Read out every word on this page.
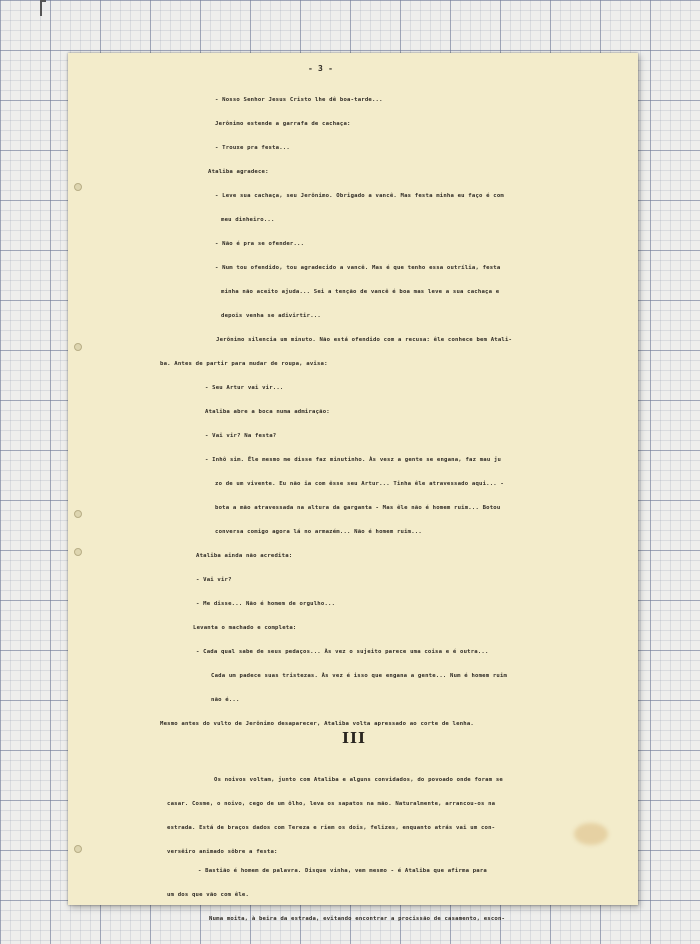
- 3 -

- Nosso Senhor Jesus Cristo lhe dê boa-tarde...

Jerônimo estende a garrafa de cachaça:

- Trouxe pra festa...

Ataliba agradece:

- Leve sua cachaça, seu Jerônimo. Obrigado a vancê. Mas festa minha eu faço é com

meu dinheiro...

- Não é pra se ofender...

- Num tou ofendido, tou agradecido a vancê. Mas é que tenho essa outrília, festa

minha não aceito ajuda... Sei a tenção de vancê é boa mas leve a sua cachaça e

depois venha se adivirtir...

Jerônimo silencia um minuto. Não está ofendido com a recusa: êle conhece bem Atali-

ba. Antes de partir para mudar de roupa, avisa:

- Seu Artur vai vir...

Ataliba abre a boca numa admiração:

- Vai vir? Na festa?

- Inhô sim. Êle mesmo me disse faz minutinho. Às vesz a gente se engana, faz mau ju

zo de um vivente. Eu não ia com êsse seu Artur... Tinha êle atravessado aqui... -

bota a mão atravessada na altura da garganta - Mas êle não é homem ruim... Botou

conversa comigo agora lá no armazém... Não é homem ruim...

Ataliba ainda não acredita:

- Vai vir?

- Me disse... Não é homem de orgulho...

Levanta o machado e completa:

- Cada qual sabe de seus pedaços... Às vez o sujeito parece uma coisa e é outra...

Cada um padece suas tristezas. Às vez é isso que engana a gente... Num é homem ruim

não é...

Mesmo antes do vulto de Jerônimo desaparecer, Ataliba volta apressado ao corte de lenha.

III

Os noivos voltam, junto com Ataliba e alguns convidados, do povoado onde foram se

casar. Cosme, o noivo, cego de um ôlho, leva os sapatos na mão. Naturalmente, arrancou-os na

estrada. Está de braços dados com Tereza e riem os dois, felizes, enquanto atrás vai um con-

versêiro animado sôbre a festa:

- Bastião é homem de palavra. Disque vinha, vem mesmo - é Ataliba que afirma para

um dos que vão com êle.

Numa moita, à beira da estrada, evitando encontrar a procissão de casamento, escon-
